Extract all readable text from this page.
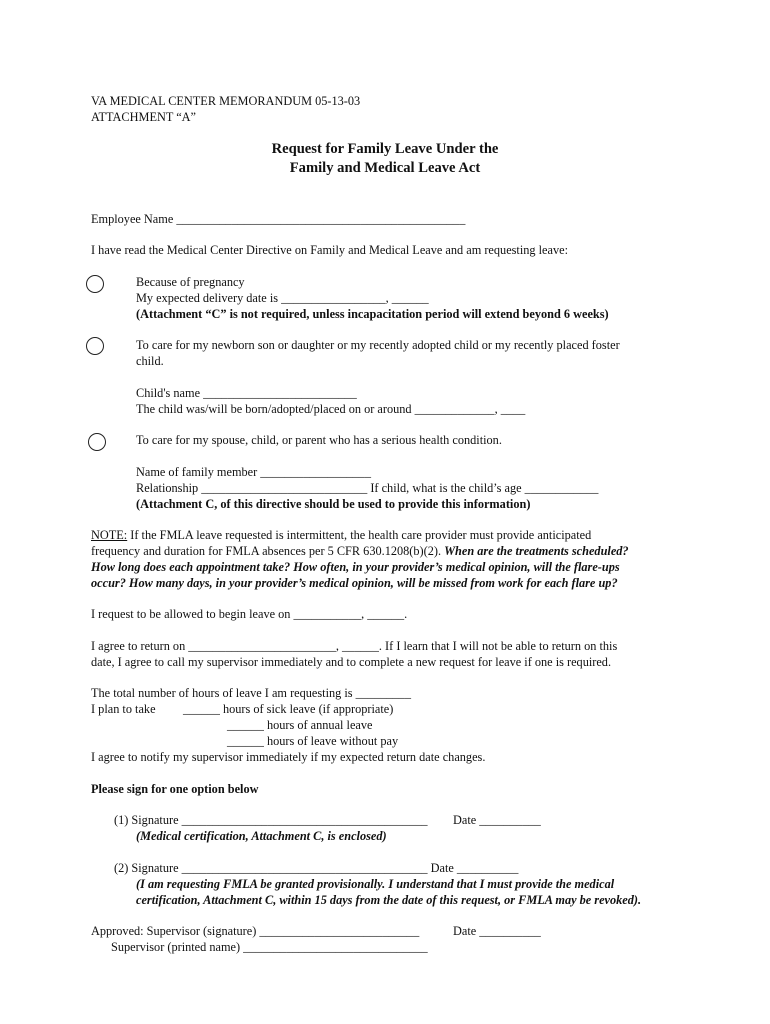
VA MEDICAL CENTER MEMORANDUM 05-13-03
ATTACHMENT “A”
Request for Family Leave Under the
Family and Medical Leave Act
Employee Name _______________________________________________
I have read the Medical Center Directive on Family and Medical Leave and am requesting leave:
Because of pregnancy
My expected delivery date is _________________, ______
(Attachment “C” is not required, unless incapacitation period will extend beyond 6 weeks)
To care for my newborn son or daughter or my recently adopted child or my recently placed foster
child.
Child's name _________________________
The child was/will be born/adopted/placed on or around _____________, ____
To care for my spouse, child, or parent who has a serious health condition.
Name of family member __________________
Relationship ___________________________ If child, what is the child’s age ____________
(Attachment C, of this directive should be used to provide this information)
NOTE: If the FMLA leave requested is intermittent, the health care provider must provide anticipated
frequency and duration for FMLA absences per 5 CFR 630.1208(b)(2). When are the treatments scheduled?
How long does each appointment take? How often, in your provider’s medical opinion, will the flare-ups
occur? How many days, in your provider’s medical opinion, will be missed from work for each flare up?
I request to be allowed to begin leave on ___________, ______.
I agree to return on ________________________, ______. If I learn that I will not be able to return on this
date, I agree to call my supervisor immediately and to complete a new request for leave if one is required.
The total number of hours of leave I am requesting is _________
I plan to take ______ hours of sick leave (if appropriate)
______ hours of annual leave
______ hours of leave without pay
I agree to notify my supervisor immediately if my expected return date changes.
Please sign for one option below
(1) Signature ________________________________________ Date __________
(Medical certification, Attachment C, is enclosed)
(2) Signature ________________________________________ Date __________
(I am requesting FMLA be granted provisionally. I understand that I must provide the medical
certification, Attachment C, within 15 days from the date of this request, or FMLA may be revoked).
Approved: Supervisor (signature) __________________________	Date __________
Supervisor (printed name) ______________________________
